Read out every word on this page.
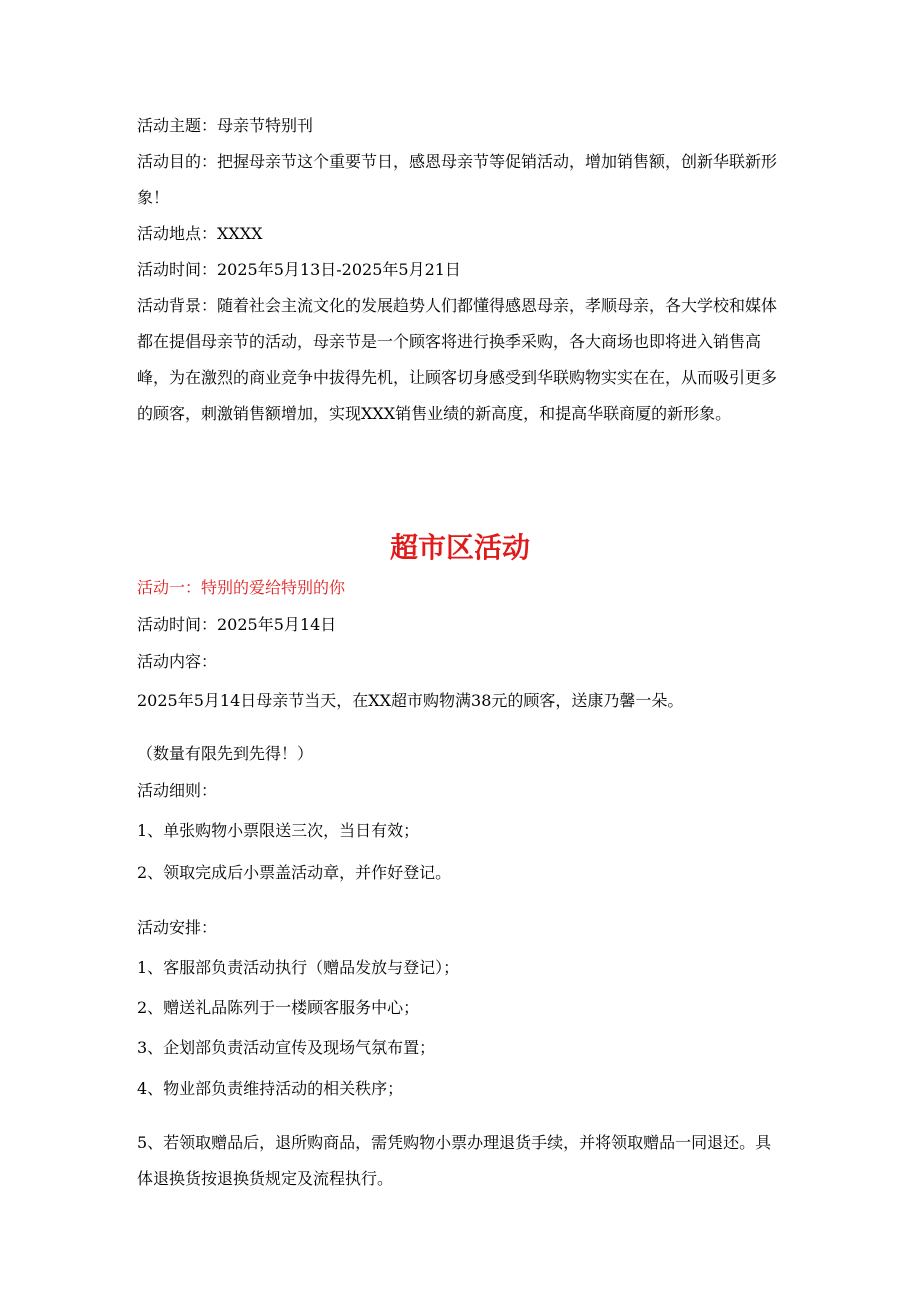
活动主题：母亲节特别刊
活动目的：把握母亲节这个重要节日，感恩母亲节等促销活动，增加销售额，创新华联新形象！
活动地点：XXXX
活动时间：2025年5月13日-2025年5月21日

活动背景：随着社会主流文化的发展趋势人们都懂得感恩母亲，孝顺母亲，各大学校和媒体都在提倡母亲节的活动，母亲节是一个顾客将进行换季采购，各大商场也即将进入销售高峰，为在激烈的商业竞争中拔得先机，让顾客切身感受到华联购物实实在在，从而吸引更多的顾客，刺激销售额增加，实现XXX销售业绩的新高度，和提高华联商厦的新形象。

超市区活动

活动一：特别的爱给特别的你

活动时间：2025年5月14日

活动内容：

2025年5月14日母亲节当天，在XX超市购物满38元的顾客，送康乃馨一朵。

（数量有限先到先得！）

活动细则：

1、单张购物小票限送三次，当日有效；

2、领取完成后小票盖活动章，并作好登记。

活动安排：

1、客服部负责活动执行（赠品发放与登记）；

2、赠送礼品陈列于一楼顾客服务中心；

3、企划部负责活动宣传及现场气氛布置；

4、物业部负责维持活动的相关秩序；

5、若领取赠品后，退所购商品，需凭购物小票办理退货手续，并将领取赠品一同退还。具体退换货按退换货规定及流程执行。
